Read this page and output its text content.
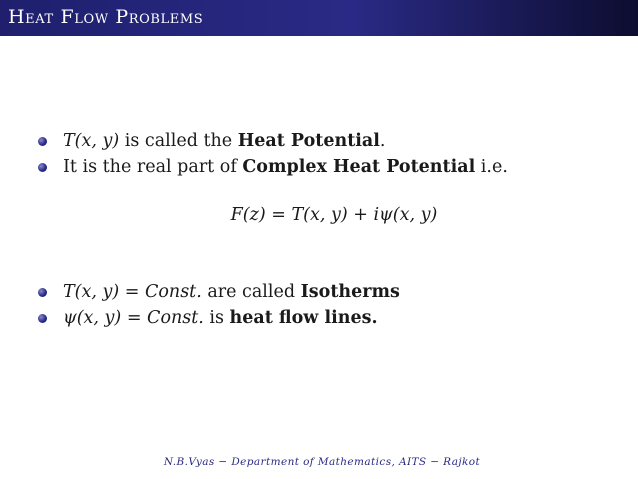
Heat Flow Problems
T(x, y) is called the Heat Potential.
It is the real part of Complex Heat Potential i.e.
F(z) = T(x, y) + iψ(x, y)
T(x, y) = Const. are called Isotherms
ψ(x, y) = Const. is heat flow lines.
N.B.Vyas − Department of Mathematics, AITS − Rajkot
